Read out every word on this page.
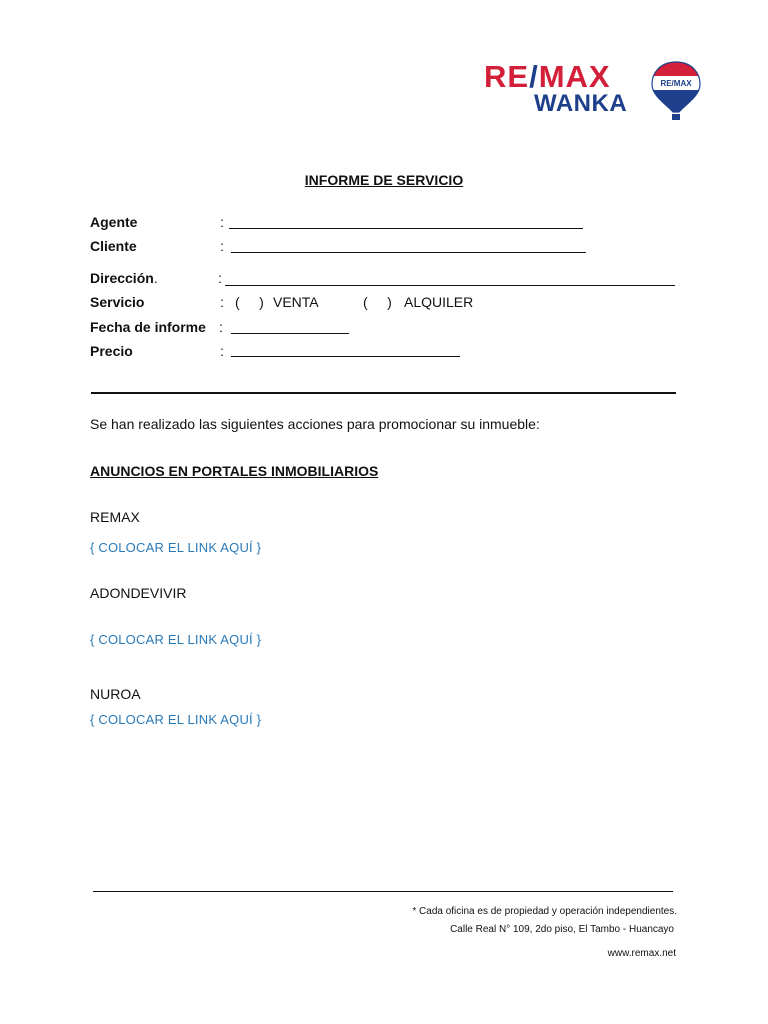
RE/MAX
WANKA
RE/MAX
INFORME DE SERVICIO
Agente	:
Cliente	:
Dirección.	:
Servicio	: (     ) VENTA	(     ) ALQUILER
Fecha de informe :
Precio	:
Se han realizado las siguientes acciones para promocionar su inmueble:
ANUNCIOS EN PORTALES INMOBILIARIOS
REMAX
{ COLOCAR EL LINK AQUÍ }
ADONDEVIVIR
{ COLOCAR EL LINK AQUÍ }
NUROA
{ COLOCAR EL LINK AQUÍ }
* Cada oficina es de propiedad y operación independientes.
Calle Real N° 109, 2do piso, El Tambo - Huancayo
www.remax.net
